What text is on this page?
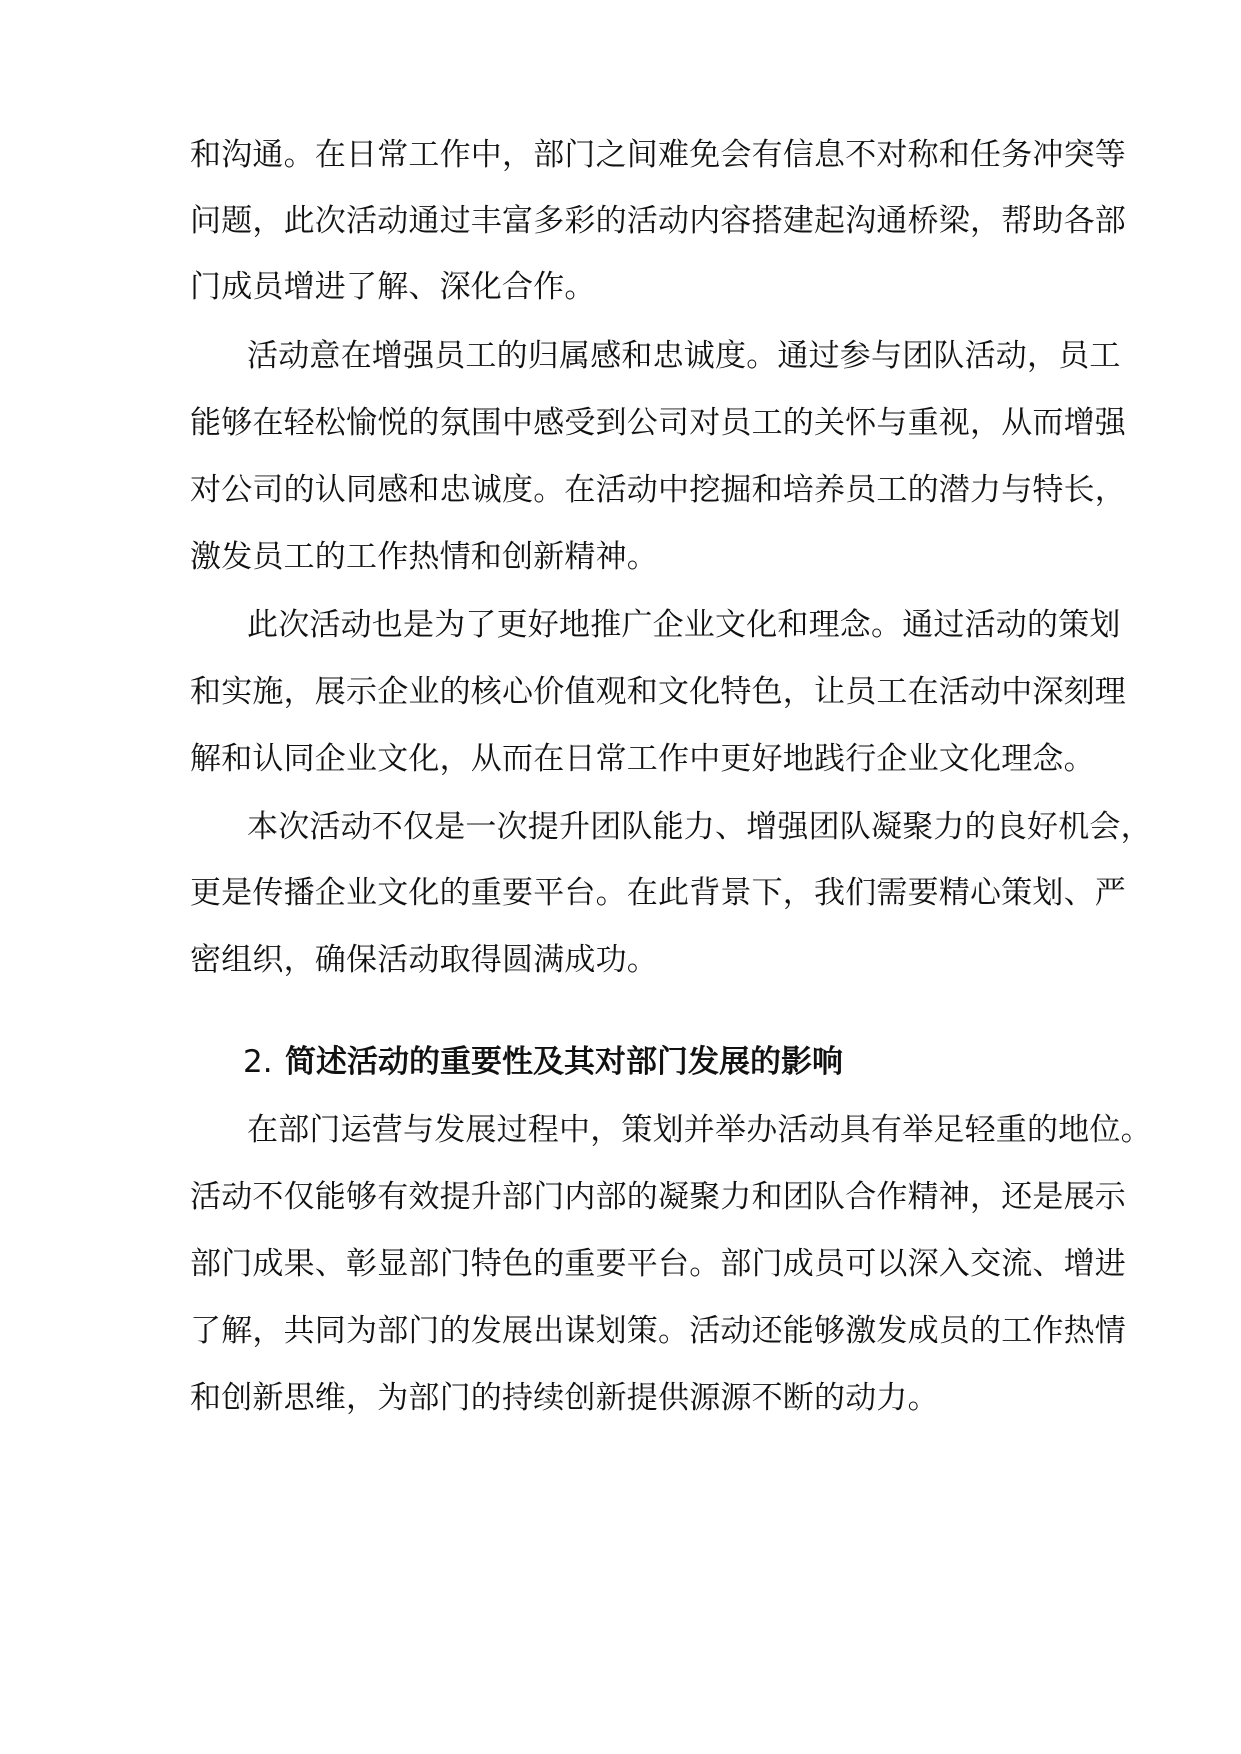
和沟通。在日常工作中，部门之间难免会有信息不对称和任务冲突等
问题，此次活动通过丰富多彩的活动内容搭建起沟通桥梁，帮助各部
门成员增进了解、深化合作。
活动意在增强员工的归属感和忠诚度。通过参与团队活动，员工
能够在轻松愉悦的氛围中感受到公司对员工的关怀与重视，从而增强
对公司的认同感和忠诚度。在活动中挖掘和培养员工的潜力与特长，
激发员工的工作热情和创新精神。
此次活动也是为了更好地推广企业文化和理念。通过活动的策划
和实施，展示企业的核心价值观和文化特色，让员工在活动中深刻理
解和认同企业文化，从而在日常工作中更好地践行企业文化理念。
本次活动不仅是一次提升团队能力、增强团队凝聚力的良好机会，
更是传播企业文化的重要平台。在此背景下，我们需要精心策划、严
密组织，确保活动取得圆满成功。
2. 简述活动的重要性及其对部门发展的影响
在部门运营与发展过程中，策划并举办活动具有举足轻重的地位。
活动不仅能够有效提升部门内部的凝聚力和团队合作精神，还是展示
部门成果、彰显部门特色的重要平台。部门成员可以深入交流、增进
了解，共同为部门的发展出谋划策。活动还能够激发成员的工作热情
和创新思维，为部门的持续创新提供源源不断的动力。
